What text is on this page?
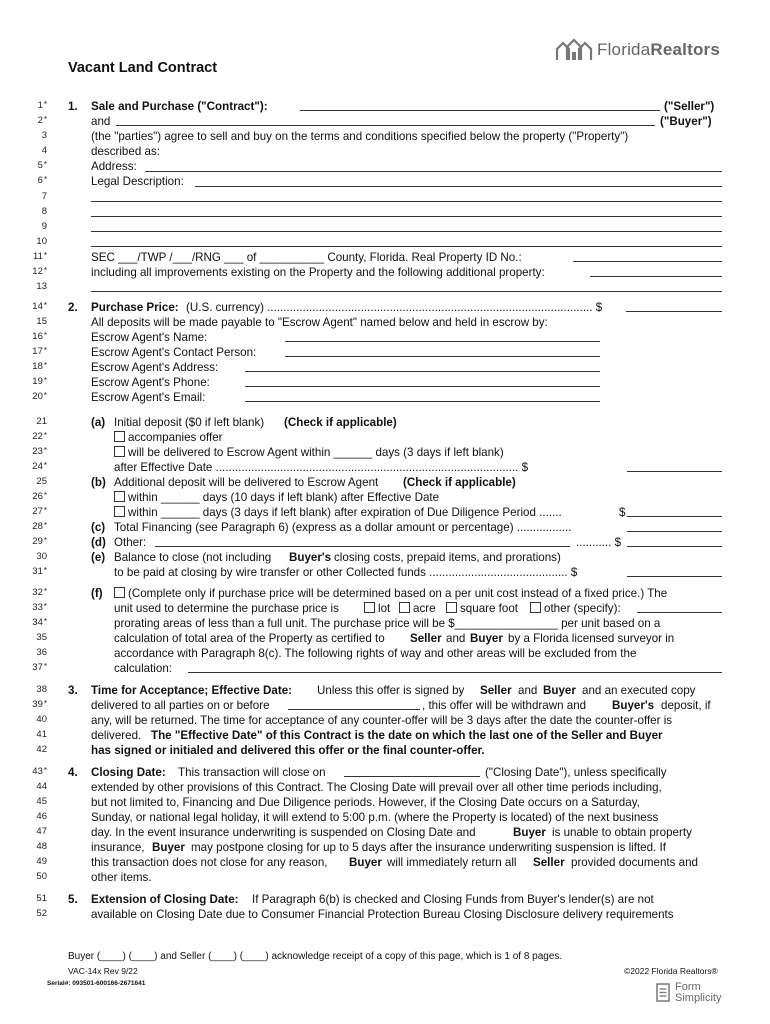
FloridaRealtors
Vacant Land Contract
1* 1. Sale and Purchase ("Contract"):	("Seller")
2*	and	("Buyer")
3	(the "parties") agree to sell and buy on the terms and conditions specified below the property ("Property")
4	described as:
5*	Address:
6*	Legal Description:
7
8
9
10
11*	SEC ___/TWP /___/RNG ___ of __________ County, Florida. Real Property ID No.:
12*	including all improvements existing on the Property and the following additional property:
13
14* 2. Purchase Price: (U.S. currency) ..................................................................................................... $
15	All deposits will be made payable to "Escrow Agent" named below and held in escrow by:
16*	Escrow Agent's Name:
17*	Escrow Agent's Contact Person:
18*	Escrow Agent's Address:
19*	Escrow Agent's Phone:
20*	Escrow Agent's Email:
21	(a) Initial deposit ($0 if left blank) (Check if applicable)
22*	accompanies offer
23*	will be delivered to Escrow Agent within ______ days (3 days if left blank)
24*	after Effective Date .............................................................................................. $
25	(b) Additional deposit will be delivered to Escrow Agent (Check if applicable)
26*	within ______ days (10 days if left blank) after Effective Date
27*	within ______ days (3 days if left blank) after expiration of Due Diligence Period .......	$
28*	(c) Total Financing (see Paragraph 6) (express as a dollar amount or percentage) .................
29*	(d) Other:	........... $
30	(e) Balance to close (not including Buyer's closing costs, prepaid items, and prorations)
31*	to be paid at closing by wire transfer or other Collected funds ........................................... $
32*	(f)	(Complete only if purchase price will be determined based on a per unit cost instead of a fixed price.) The
33*	unit used to determine the purchase price is	lot	acre	square foot	other (specify):
34*	prorating areas of less than a full unit. The purchase price will be $________________ per unit based on a
35	calculation of total area of the Property as certified to Seller and Buyer by a Florida licensed surveyor in
36	accordance with Paragraph 8(c). The following rights of way and other areas will be excluded from the
37*	calculation:
38 3. Time for Acceptance; Effective Date: Unless this offer is signed by Seller and Buyer and an executed copy
39*	delivered to all parties on or before	, this offer will be withdrawn and Buyer's deposit, if
40	any, will be returned. The time for acceptance of any counter-offer will be 3 days after the date the counter-offer is
41	delivered. The "Effective Date" of this Contract is the date on which the last one of the Seller and Buyer
42	has signed or initialed and delivered this offer or the final counter-offer.
43* 4. Closing Date: This transaction will close on	("Closing Date"), unless specifically
44	extended by other provisions of this Contract. The Closing Date will prevail over all other time periods including,
45	but not limited to, Financing and Due Diligence periods. However, if the Closing Date occurs on a Saturday,
46	Sunday, or national legal holiday, it will extend to 5:00 p.m. (where the Property is located) of the next business
47	day. In the event insurance underwriting is suspended on Closing Date and	Buyer is unable to obtain property
48	insurance, Buyer may postpone closing for up to 5 days after the insurance underwriting suspension is lifted. If
49	this transaction does not close for any reason, Buyer will immediately return all Seller provided documents and
50	other items.
51 5. Extension of Closing Date: If Paragraph 6(b) is checked and Closing Funds from Buyer's lender(s) are not
52	available on Closing Date due to Consumer Financial Protection Bureau Closing Disclosure delivery requirements
Buyer (____) (____) and Seller (____) (____) acknowledge receipt of a copy of this page, which is 1 of 8 pages.
VAC-14x Rev 9/22
Serial#: 093501-600166-2671641
©2022 Florida Realtors®
Form
Simplicity
